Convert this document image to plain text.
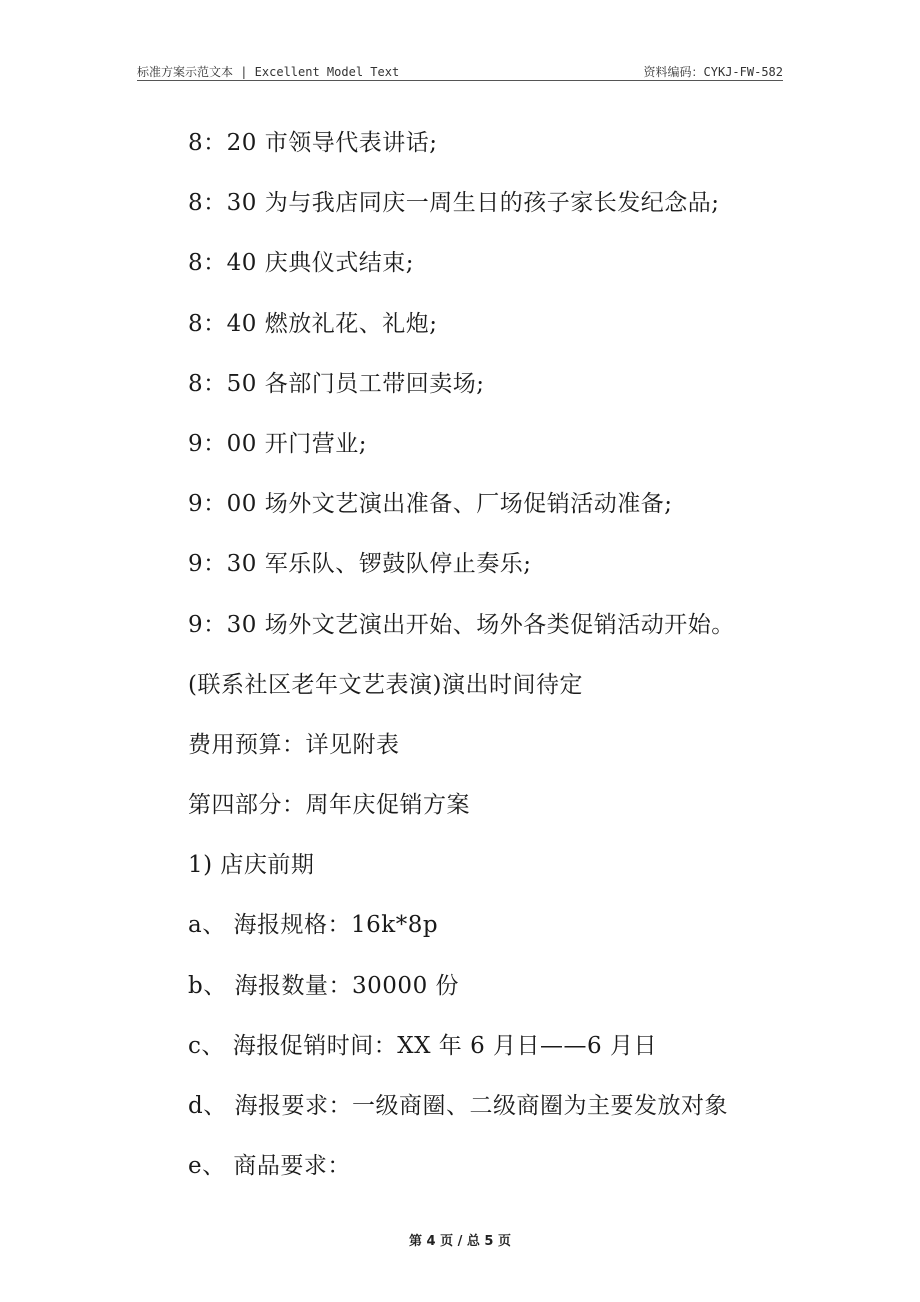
标准方案示范文本 | Excellent Model Text	资料编码：CYKJ-FW-582
8：20 市领导代表讲话;
8：30 为与我店同庆一周生日的孩子家长发纪念品;
8：40 庆典仪式结束;
8：40 燃放礼花、礼炮;
8：50 各部门员工带回卖场;
9：00 开门营业;
9：00 场外文艺演出准备、厂场促销活动准备;
9：30 军乐队、锣鼓队停止奏乐;
9：30 场外文艺演出开始、场外各类促销活动开始。
(联系社区老年文艺表演)演出时间待定
费用预算：详见附表
第四部分：周年庆促销方案
1) 店庆前期
a、 海报规格：16k*8p
b、 海报数量：30000 份
c、 海报促销时间：XX 年 6 月日——6 月日
d、 海报要求：一级商圈、二级商圈为主要发放对象
e、 商品要求：
第 4 页 / 总 5 页
